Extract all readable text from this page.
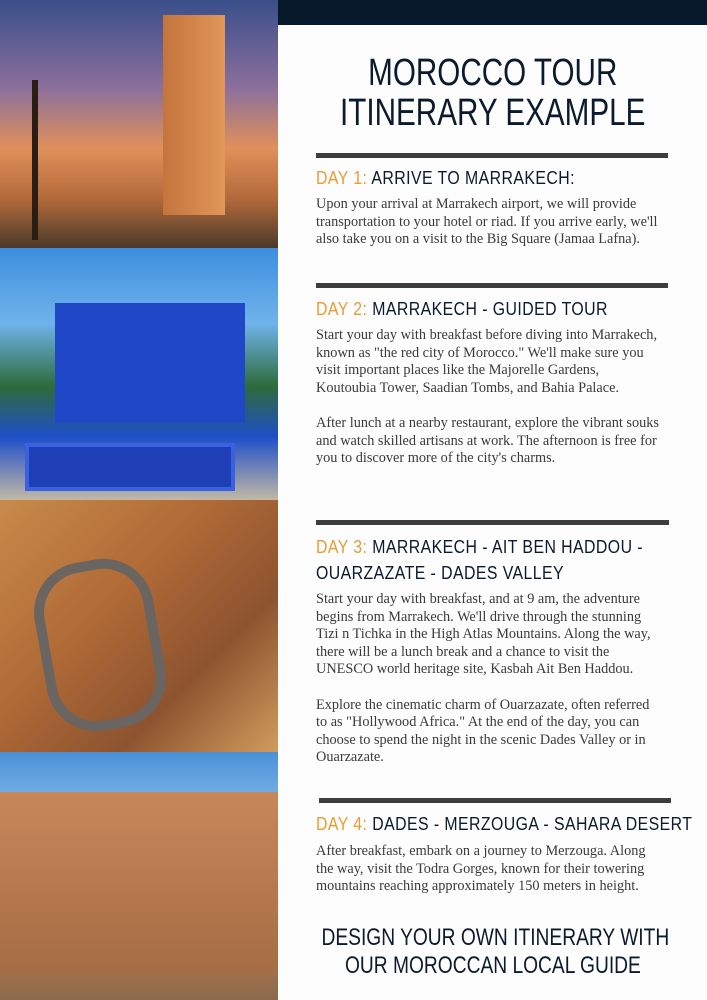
MOROCCO TOUR
ITINERARY EXAMPLE
DAY 1: ARRIVE TO MARRAKECH:

Upon your arrival at Marrakech airport, we will provide transportation to your hotel or riad. If you arrive early, we'll also take you on a visit to the Big Square (Jamaa Lafna).

DAY 2: MARRAKECH - GUIDED TOUR

Start your day with breakfast before diving into Marrakech, known as "the red city of Morocco." We'll make sure you visit important places like the Majorelle Gardens, Koutoubia Tower, Saadian Tombs, and Bahia Palace.

After lunch at a nearby restaurant, explore the vibrant souks and watch skilled artisans at work. The afternoon is free for you to discover more of the city's charms.

DAY 3: MARRAKECH - AIT BEN HADDOU -
OUARZAZATE - DADES VALLEY

Start your day with breakfast, and at 9 am, the adventure begins from Marrakech. We'll drive through the stunning Tizi n Tichka in the High Atlas Mountains. Along the way, there will be a lunch break and a chance to visit the UNESCO world heritage site, Kasbah Ait Ben Haddou.

Explore the cinematic charm of Ouarzazate, often referred to as "Hollywood Africa." At the end of the day, you can choose to spend the night in the scenic Dades Valley or in Ouarzazate.

DAY 4: DADES - MERZOUGA - SAHARA DESERT

After breakfast, embark on a journey to Merzouga. Along the way, visit the Todra Gorges, known for their towering mountains reaching approximately 150 meters in height.

DESIGN YOUR OWN ITINERARY WITH
OUR MOROCCAN LOCAL GUIDE
